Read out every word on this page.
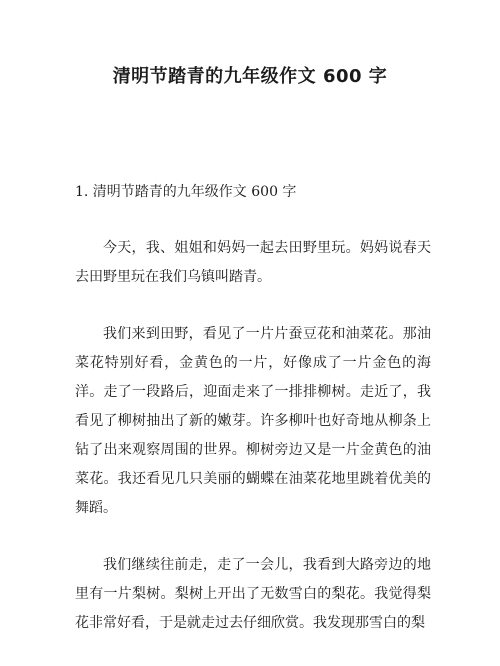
清明节踏青的九年级作文 600 字
1. 清明节踏青的九年级作文 600 字

今天，我、姐姐和妈妈一起去田野里玩。妈妈说春天去田野里玩在我们乌镇叫踏青。

我们来到田野，看见了一片片蚕豆花和油菜花。那油菜花特别好看，金黄色的一片，好像成了一片金色的海洋。走了一段路后，迎面走来了一排排柳树。走近了，我看见了柳树抽出了新的嫩芽。许多柳叶也好奇地从柳条上钻了出来观察周围的世界。柳树旁边又是一片金黄色的油菜花。我还看见几只美丽的蝴蝶在油菜花地里跳着优美的舞蹈。

我们继续往前走，走了一会儿，我看到大路旁边的地里有一片梨树。梨树上开出了无数雪白的梨花。我觉得梨花非常好看，于是就走过去仔细欣赏。我发现那雪白的梨
